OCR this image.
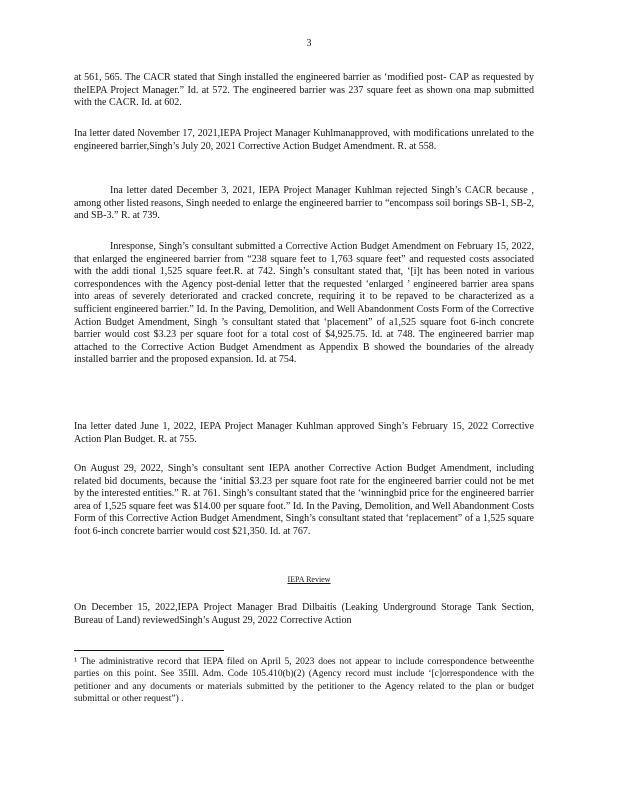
3

at 561, 565. The CACR stated that Singh installed the engineered barrier as ‘modified post- CAP as requested by theIEPA Project Manager.” Id. at 572. The engineered barrier was 237 square feet as shown ona map submitted with the CACR. Id. at 602.

Ina letter dated November 17, 2021,IEPA Project Manager Kuhlmanapproved, with modifications unrelated to the engineered barrier,Singh’s July 20, 2021 Corrective Action Budget Amendment. R. at 558.

Ina letter dated December 3, 2021, IEPA Project Manager Kuhlman rejected Singh’s CACR because , among other listed reasons, Singh needed to enlarge the engineered barrier to “encompass soil borings SB-1, SB-2, and SB-3.” R. at 739.

Inresponse, Singh’s consultant submitted a Corrective Action Budget Amendment on February 15, 2022, that enlarged the engineered barrier from “238 square feet to 1,763 square feet” and requested costs associated with the addi tional 1,525 square feet.R. at 742. Singh’s consultant stated that, ‘[i]t has been noted in various correspondences with the Agency post-denial letter that the requested ‘enlarged ’ engineered barrier area spans into areas of severely deteriorated and cracked concrete, requiring it to be repaved to be characterized as a sufficient engineered barrier.” Id. In the Paving, Demolition, and Well Abandonment Costs Form of the Corrective Action Budget Amendment, Singh ’s consultant stated that ‘placement” of a1,525 square foot 6-inch concrete barrier would cost $3.23 per square foot for a total cost of $4,925.75. Id. at 748. The engineered barrier map attached to the Corrective Action Budget Amendment as Appendix B showed the boundaries of the already installed barrier and the proposed expansion. Id. at 754.

Ina letter dated June 1, 2022, IEPA Project Manager Kuhlman approved Singh’s February 15, 2022 Corrective Action Plan Budget. R. at 755.

On August 29, 2022, Singh’s consultant sent IEPA another Corrective Action Budget Amendment, including related bid documents, because the ‘initial $3.23 per square foot rate for the engineered barrier could not be met by the interested entities.” R. at 761. Singh’s consultant stated that the ‘winningbid price for the engineered barrier area of 1,525 square feet was $14.00 per square foot.” Id. In the Paving, Demolition, and Well Abandonment Costs Form of this Corrective Action Budget Amendment, Singh’s consultant stated that ‘replacement” of a 1,525 square foot 6-inch concrete barrier would cost $21,350. Id. at 767.

IEPA Review

On December 15, 2022,IEPA Project Manager Brad Dilbaitis (Leaking Underground Storage Tank Section, Bureau of Land) reviewedSingh’s August 29, 2022 Corrective Action

¹ The administrative record that IEPA filed on April 5, 2023 does not appear to include correspondence betweenthe parties on this point. See 35Ill. Adm. Code 105.410(b)(2) (Agency record must include ‘[c]orrespondence with the petitioner and any documents or materials submitted by the petitioner to the Agency related to the plan or budget submittal or other request”) .
